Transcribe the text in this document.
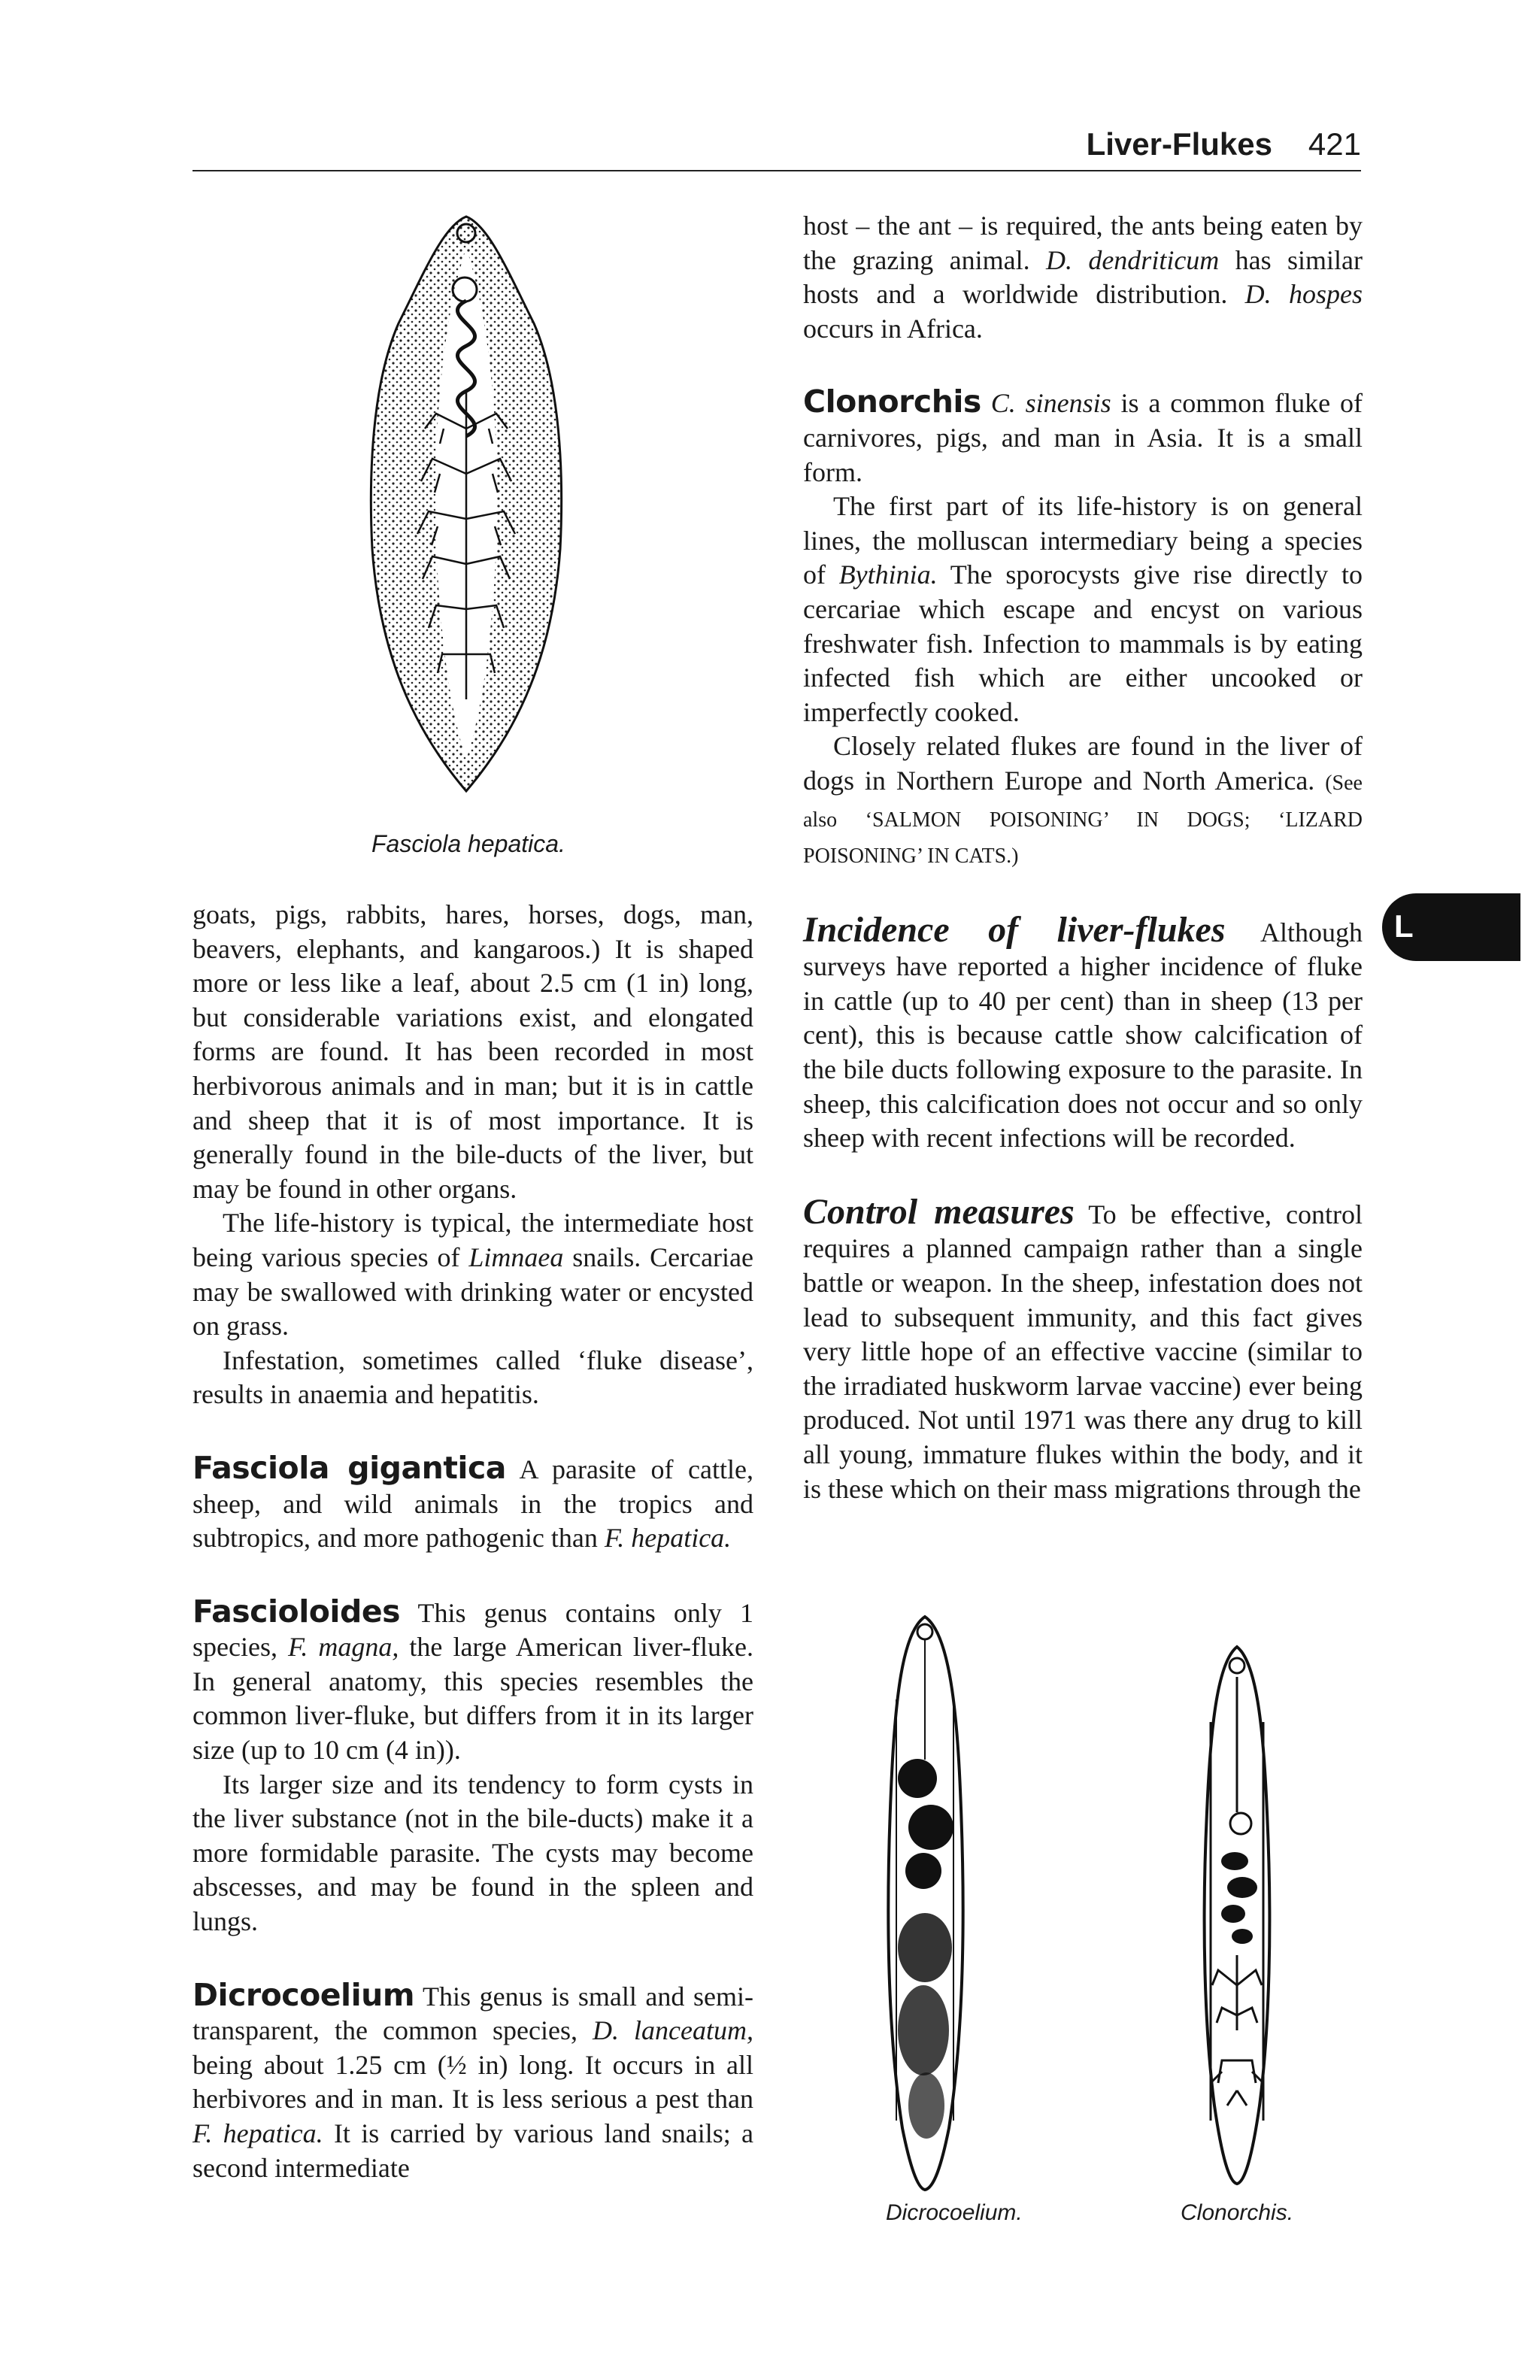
Liver-Flukes 421
Fasciola hepatica.

goats, pigs, rabbits, hares, horses, dogs, man, beavers, elephants, and kangaroos.) It is shaped more or less like a leaf, about 2.5 cm (1 in) long, but considerable variations exist, and elongated forms are found. It has been recorded in most herbivorous animals and in man; but it is in cattle and sheep that it is of most importance. It is generally found in the bile-ducts of the liver, but may be found in other organs.

The life-history is typical, the intermediate host being various species of Limnaea snails. Cercariae may be swallowed with drinking water or encysted on grass.

Infestation, sometimes called ‘fluke disease’, results in anaemia and hepatitis.

Fasciola gigantica A parasite of cattle, sheep, and wild animals in the tropics and subtropics, and more pathogenic than F. hepatica.

Fascioloides This genus contains only 1 species, F. magna, the large American liver-fluke. In general anatomy, this species resembles the common liver-fluke, but differs from it in its larger size (up to 10 cm (4 in)).

Its larger size and its tendency to form cysts in the liver substance (not in the bile-ducts) make it a more formidable parasite. The cysts may become abscesses, and may be found in the spleen and lungs.

Dicrocoelium This genus is small and semi-transparent, the common species, D. lanceatum, being about 1.25 cm (½ in) long. It occurs in all herbivores and in man. It is less serious a pest than F. hepatica. It is carried by various land snails; a second intermediate

host – the ant – is required, the ants being eaten by the grazing animal. D. dendriticum has similar hosts and a worldwide distribution. D. hospes occurs in Africa.

Clonorchis C. sinensis is a common fluke of carnivores, pigs, and man in Asia. It is a small form.

The first part of its life-history is on general lines, the molluscan intermediary being a species of Bythinia. The sporocysts give rise directly to cercariae which escape and encyst on various freshwater fish. Infection to mammals is by eating infected fish which are either uncooked or imperfectly cooked.

Closely related flukes are found in the liver of dogs in Northern Europe and North America. (See also ‘SALMON POISONING’ IN DOGS; ‘LIZARD POISONING’ IN CATS.)

Incidence of liver-flukes Although surveys have reported a higher incidence of fluke in cattle (up to 40 per cent) than in sheep (13 per cent), this is because cattle show calcification of the bile ducts following exposure to the parasite. In sheep, this calcification does not occur and so only sheep with recent infections will be recorded.

Control measures To be effective, control requires a planned campaign rather than a single battle or weapon. In the sheep, infestation does not lead to subsequent immunity, and this fact gives very little hope of an effective vaccine (similar to the irradiated huskworm larvae vaccine) ever being produced. Not until 1971 was there any drug to kill all young, immature flukes within the body, and it is these which on their mass migrations through the

L
Dicrocoelium.	Clonorchis.
